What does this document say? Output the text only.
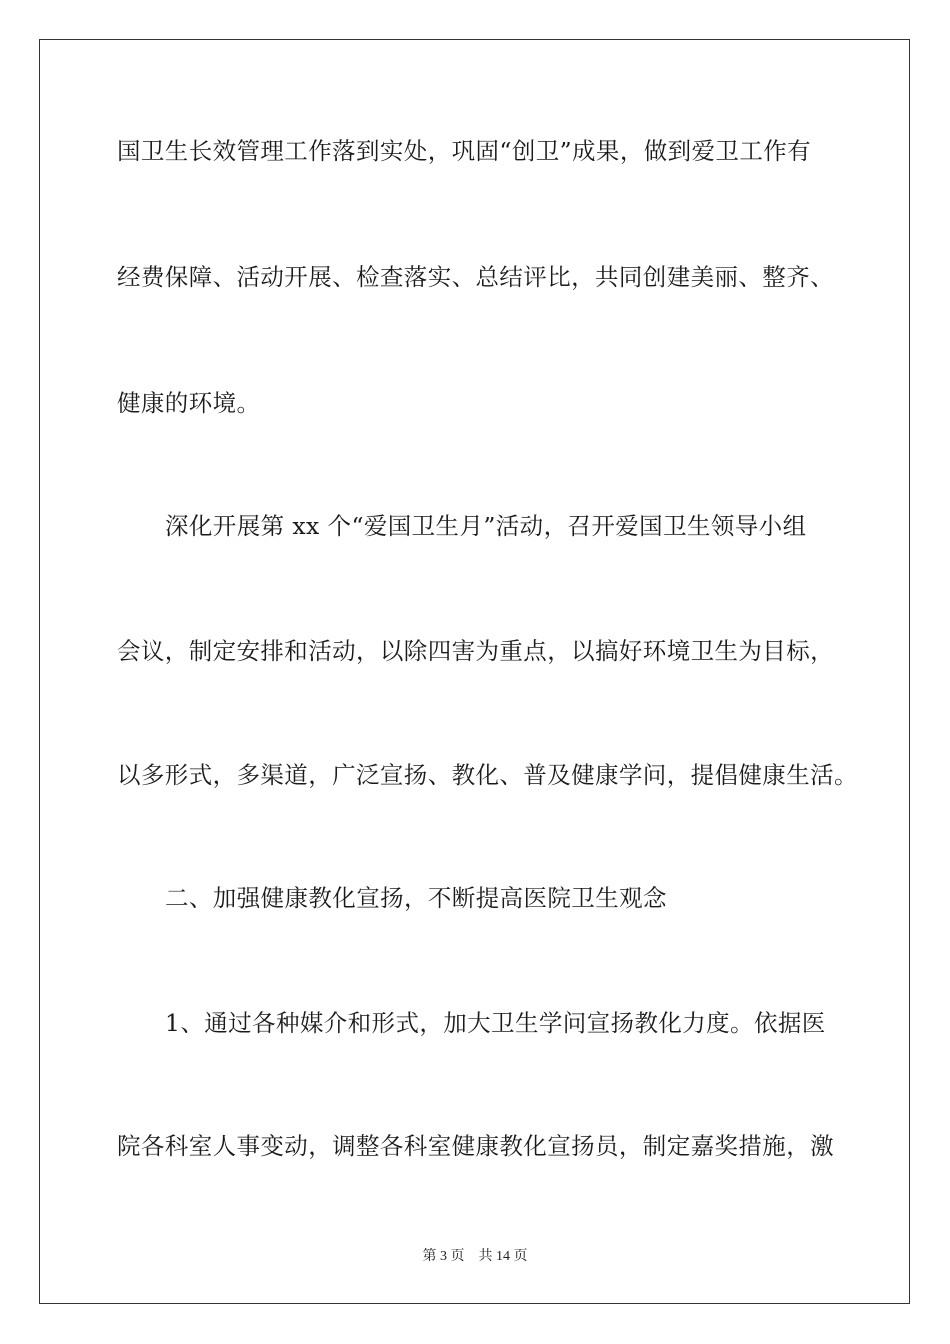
国卫生长效管理工作落到实处，巩固“创卫”成果，做到爱卫工作有
经费保障、活动开展、检查落实、总结评比，共同创建美丽、整齐、
健康的环境。
深化开展第 xx 个“爱国卫生月”活动，召开爱国卫生领导小组
会议，制定安排和活动，以除四害为重点，以搞好环境卫生为目标，
以多形式，多渠道，广泛宣扬、教化、普及健康学问，提倡健康生活。
二、加强健康教化宣扬，不断提高医院卫生观念
1、通过各种媒介和形式，加大卫生学问宣扬教化力度。依据医
院各科室人事变动，调整各科室健康教化宣扬员，制定嘉奖措施，激
第 3 页 共 14 页
